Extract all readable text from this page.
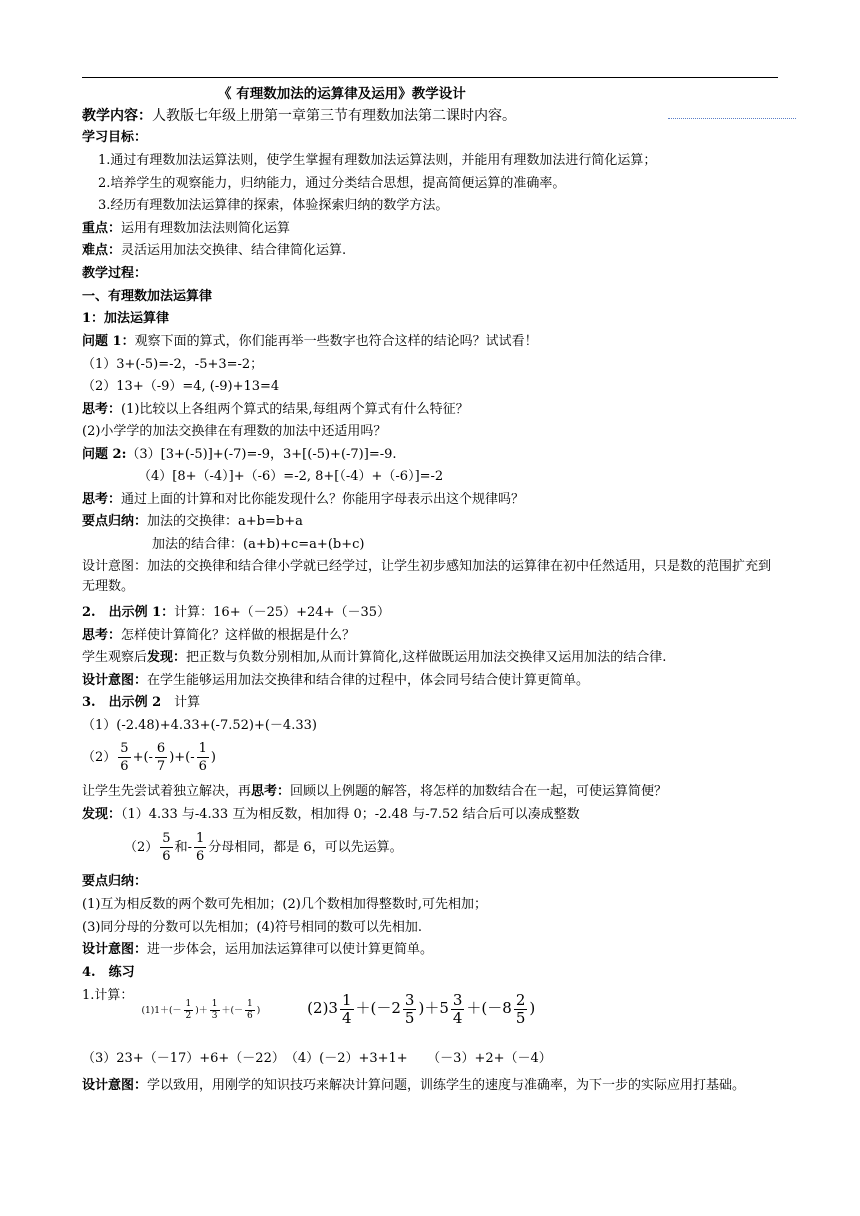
《 有理数加法的运算律及运用》教学设计
教学内容：人教版七年级上册第一章第三节有理数加法第二课时内容。
学习目标：
1.通过有理数加法运算法则，使学生掌握有理数加法运算法则，并能用有理数加法进行简化运算；
2.培养学生的观察能力，归纳能力，通过分类结合思想，提高简便运算的准确率。
3.经历有理数加法运算律的探索，体验探索归纳的数学方法。
重点：运用有理数加法法则简化运算
难点：灵活运用加法交换律、结合律简化运算.
教学过程：
一、有理数加法运算律
1：加法运算律
问题 1：观察下面的算式，你们能再举一些数字也符合这样的结论吗？试试看！
（1）3+(-5)=-2，-5+3=-2；
（2）13+（-9）=4, (-9)+13=4
思考：(1)比较以上各组两个算式的结果,每组两个算式有什么特征？
(2)小学学的加法交换律在有理数的加法中还适用吗？
问题 2:（3）[3+(-5)]+(-7)=-9，3+[(-5)+(-7)]=-9.
（4）[8+（-4）]+（-6）=-2, 8+[（-4）+（-6）]=-2
思考：通过上面的计算和对比你能发现什么？你能用字母表示出这个规律吗？
要点归纳：加法的交换律：a+b=b+a
加法的结合律：(a+b)+c=a+(b+c)
设计意图：加法的交换律和结合律小学就已经学过，让学生初步感知加法的运算律在初中任然适用，只是数的范围扩充到无理数。
2.　出示例 1：计算：16+（－25）+24+（－35）
思考：怎样使计算简化？这样做的根据是什么？
学生观察后发现：把正数与负数分别相加,从而计算简化,这样做既运用加法交换律又运用加法的结合律.
设计意图：在学生能够运用加法交换律和结合律的过程中，体会同号结合使计算更简单。
3.　出示例 2　计算
（1）(-2.48)+4.33+(-7.52)+(－4.33)
$(2) \frac{5}{6}$ +(- $\frac{6}{7}$ )+(- $\frac{1}{6}$ )
让学生先尝试着独立解决，再思考：回顾以上例题的解答，将怎样的加数结合在一起，可使运算简便？
发现：（1）4.33 与-4.33 互为相反数，相加得 0；-2.48 与-7.52 结合后可以凑成整数
$(2) \frac{5}{6}$ 和- $\frac{1}{6}$ 分母相同，都是 6，可以先运算。
要点归纳：
(1)互为相反数的两个数可先相加；(2)几个数相加得整数时,可先相加；
(3)同分母的分数可以先相加；(4)符号相同的数可以先相加.
设计意图：进一步体会，运用加法运算律可以使计算更简单。
4.　练习
1.计算： $(1)1+(- \frac{1}{2}$ )＋ $\frac{1}{3}$ ＋(－ $\frac{1}{6}$ )	$(2)3 \frac{1}{4} +(-2 \frac{3}{5} )+5 \frac{3}{4} +(-8 \frac{2}{5}$ )
（3）23+（－17）+6+（－22）　（4）(－2）+3+1+　　（－3）+2+（－4）
设计意图：学以致用，用刚学的知识技巧来解决计算问题，训练学生的速度与准确率，为下一步的实际应用打基础。
